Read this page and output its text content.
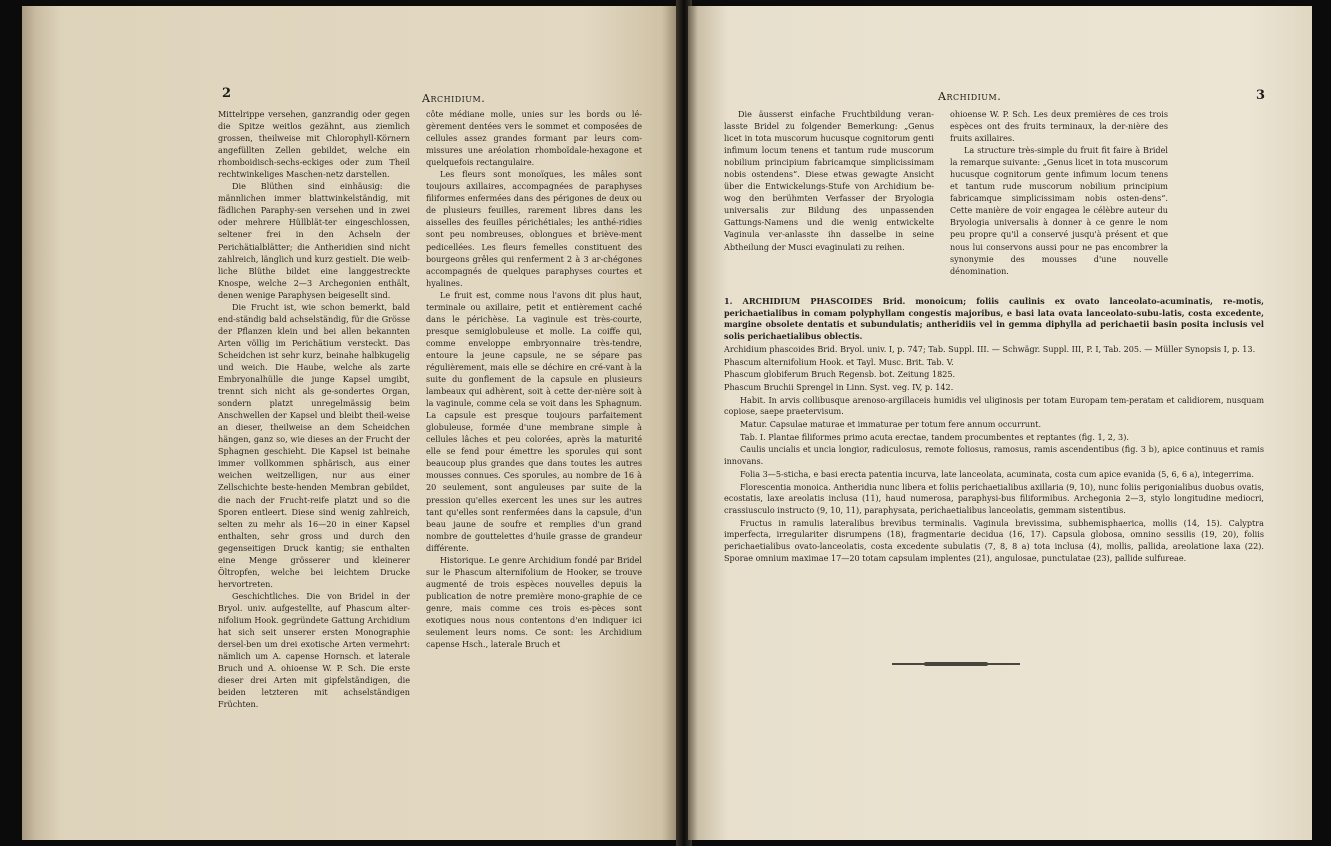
2	Archidium.

Mittelrippe versehen, ganzrandig oder gegen die Spitze weitlos gezähnt, aus ziemlich grossen, theilweise mit Chlorophyll-Körnern angefüllten Zellen gebildet, welche ein rhomboidisch-sechs-eckiges oder zum Theil rechtwinkeliges Maschen-netz darstellen.

Die Blüthen sind einhäusig: die männlichen immer blattwinkelständig, mit fädlichen Paraphy-sen versehen und in zwei oder mehrere Hüllblät-ter eingeschlossen, seltener frei in den Achseln der Perichätialblätter; die Antheridien sind nicht zahlreich, länglich und kurz gestielt. Die weib-liche Blüthe bildet eine langgestreckte Knospe, welche 2—3 Archegonien enthält, denen wenige Paraphysen beigesellt sind.

Die Frucht ist, wie schon bemerkt, bald end-ständig bald achselständig, für die Grösse der Pflanzen klein und bei allen bekannten Arten völlig im Perichätium versteckt. Das Scheidchen ist sehr kurz, beinahe halbkugelig und weich. Die Haube, welche als zarte Embryonalhülle die junge Kapsel umgibt, trennt sich nicht als ge-sondertes Organ, sondern platzt unregelmässig beim Anschwellen der Kapsel und bleibt theil-weise an dieser, theilweise an dem Scheidchen hängen, ganz so, wie dieses an der Frucht der Sphagnen geschieht. Die Kapsel ist beinahe immer vollkommen sphärisch, aus einer weichen weitzelligen, nur aus einer Zellschichte beste-henden Membran gebildet, die nach der Frucht-reife platzt und so die Sporen entleert. Diese sind wenig zahlreich, selten zu mehr als 16—20 in einer Kapsel enthalten, sehr gross und durch den gegenseitigen Druck kantig; sie enthalten eine Menge grösserer und kleinerer Öltropfen, welche bei leichtem Drucke hervortreten.

Geschichtliches. Die von Bridel in der Bryol. univ. aufgestellte, auf Phascum alter-nifolium Hook. gegründete Gattung Archidium hat sich seit unserer ersten Monographie dersel-ben um drei exotische Arten vermehrt: nämlich um A. capense Hornsch. et laterale Bruch und A. ohioense W. P. Sch. Die erste dieser drei Arten mit gipfelständigen, die beiden letzteren mit achselständigen Früchten.

côte médiane molle, unies sur les bords ou lé-gèrement dentées vers le sommet et composées de cellules assez grandes formant par leurs com-missures une aréolation rhomboïdale-hexagone et quelquefois rectangulaire.

Les fleurs sont monoïques, les mâles sont toujours axillaires, accompagnées de paraphyses filiformes enfermées dans des périgones de deux ou de plusieurs feuilles, rarement libres dans les aisselles des feuilles périchétiales; les anthé-ridies sont peu nombreuses, oblongues et briève-ment pedicellées. Les fleurs femelles constituent des bourgeons grêles qui renferment 2 à 3 ar-chégones accompagnés de quelques paraphyses courtes et hyalines.

Le fruit est, comme nous l'avons dit plus haut, terminale ou axillaire, petit et entièrement caché dans le périchèse. La vaginule est très-courte, presque semiglobuleuse et molle. La coiffe qui, comme enveloppe embryonnaire très-tendre, entoure la jeune capsule, ne se sépare pas régulièrement, mais elle se déchire en cré-vant à la suite du gonflement de la capsule en plusieurs lambeaux qui adhèrent, soit à cette der-nière soit à la vaginule, comme cela se voit dans les Sphagnum. La capsule est presque toujours parfaitement globuleuse, formée d'une membrane simple à cellules lâches et peu colorées, après la maturité elle se fend pour émettre les sporules qui sont beaucoup plus grandes que dans toutes les autres mousses connues. Ces sporules, au nombre de 16 à 20 seulement, sont anguleuses par suite de la pression qu'elles exercent les unes sur les autres tant qu'elles sont renfermées dans la capsule, d'un beau jaune de soufre et remplies d'un grand nombre de gouttelettes d'huile grasse de grandeur différente.

Historique. Le genre Archidium fondé par Bridel sur le Phascum alternifolium de Hooker, se trouve augmenté de trois espèces nouvelles depuis la publication de notre première mono-graphie de ce genre, mais comme ces trois es-pèces sont exotiques nous nous contentons d'en indiquer ici seulement leurs noms. Ce sont: les Archidium capense Hsch., laterale Bruch et

Archidium.	3

Die äusserst einfache Fruchtbildung veran-lasste Bridel zu folgender Bemerkung: „Genus licet in tota muscorum hucusque cognitorum genti infimum locum tenens et tantum rude muscorum nobilium principium fabricamque simplicissimam nobis ostendens“. Diese etwas gewagte Ansicht über die Entwickelungs-Stufe von Archidium be-wog den berühmten Verfasser der Bryologia universalis zur Bildung des unpassenden Gattungs-Namens und die wenig entwickelte Vaginula ver-anlasste ihn dasselbe in seine Abtheilung der Musci evaginulati zu reihen.

ohioense W. P. Sch. Les deux premières de ces trois espèces ont des fruits terminaux, la der-nière des fruits axillaires.

La structure très-simple du fruit fit faire à Bridel la remarque suivante: „Genus licet in tota muscorum hucusque cognitorum gente infimum locum tenens et tantum rude muscorum nobilium principium fabricamque simplicissimam nobis osten-dens“. Cette manière de voir engagea le célèbre auteur du Bryologia universalis à donner à ce genre le nom peu propre qu'il a conservé jusqu'à présent et que nous lui conservons aussi pour ne pas encombrer la synonymie des mousses d'une nouvelle dénomination.

1. ARCHIDIUM PHASCOIDES Brid. monoicum; foliis caulinis ex ovato lanceolato-acuminatis, re-motis, perichaetialibus in comam polyphyllam congestis majoribus, e basi lata ovata lanceolato-subu-latis, costa excedente, margine obsolete dentatis et subundulatis; antheridiis vel in gemma diphylla ad perichaetii basin posita inclusis vel solis perichaetialibus oblectis.

Archidium phascoides Brid. Bryol. univ. I, p. 747; Tab. Suppl. III. — Schwägr. Suppl. III, P. I, Tab. 205. — Müller Synopsis I, p. 13.

Phascum alternifolium Hook. et Tayl. Musc. Brit. Tab. V.

Phascum globiferum Bruch Regensb. bot. Zeitung 1825.

Phascum Bruchii Sprengel in Linn. Syst. veg. IV, p. 142.

Habit. In arvis collibusque arenoso-argillaceis humidis vel uliginosis per totam Europam tem-peratam et calidiorem, nusquam copiose, saepe praetervisum.

Matur. Capsulae maturae et immaturae per totum fere annum occurrunt.

Tab. I. Plantae filiformes primo acuta erectae, tandem procumbentes et reptantes (fig. 1, 2, 3).

Caulis uncialis et uncia longior, radiculosus, remote foliosus, ramosus, ramis ascendentibus (fig. 3 b), apice continuus et ramis innovans.

Folia 3—5-sticha, e basi erecta patentia incurva, late lanceolata, acuminata, costa cum apice evanida (5, 6, 6 a), integerrima.

Florescentia monoica. Antheridia nunc libera et foliis perichaetialibus axillaria (9, 10), nunc foliis perigonialibus duobus ovatis, ecostatis, laxe areolatis inclusa (11), haud numerosa, paraphysi-bus filiformibus. Archegonia 2—3, stylo longitudine mediocri, crassiusculo instructo (9, 10, 11), paraphysata, perichaetialibus lanceolatis, gemmam sistentibus.

Fructus in ramulis lateralibus brevibus terminalis. Vaginula brevissima, subhemisphaerica, mollis (14, 15). Calyptra imperfecta, irregulariter disrumpens (18), fragmentarie decidua (16, 17). Capsula globosa, omnino sessilis (19, 20), foliis perichaetialibus ovato-lanceolatis, costa excedente subulatis (7, 8, 8 a) tota inclusa (4), mollis, pallida, areolatione laxa (22). Sporae omnium maximae 17—20 totam capsulam implentes (21), angulosae, punctulatae (23), pallide sulfureae.
